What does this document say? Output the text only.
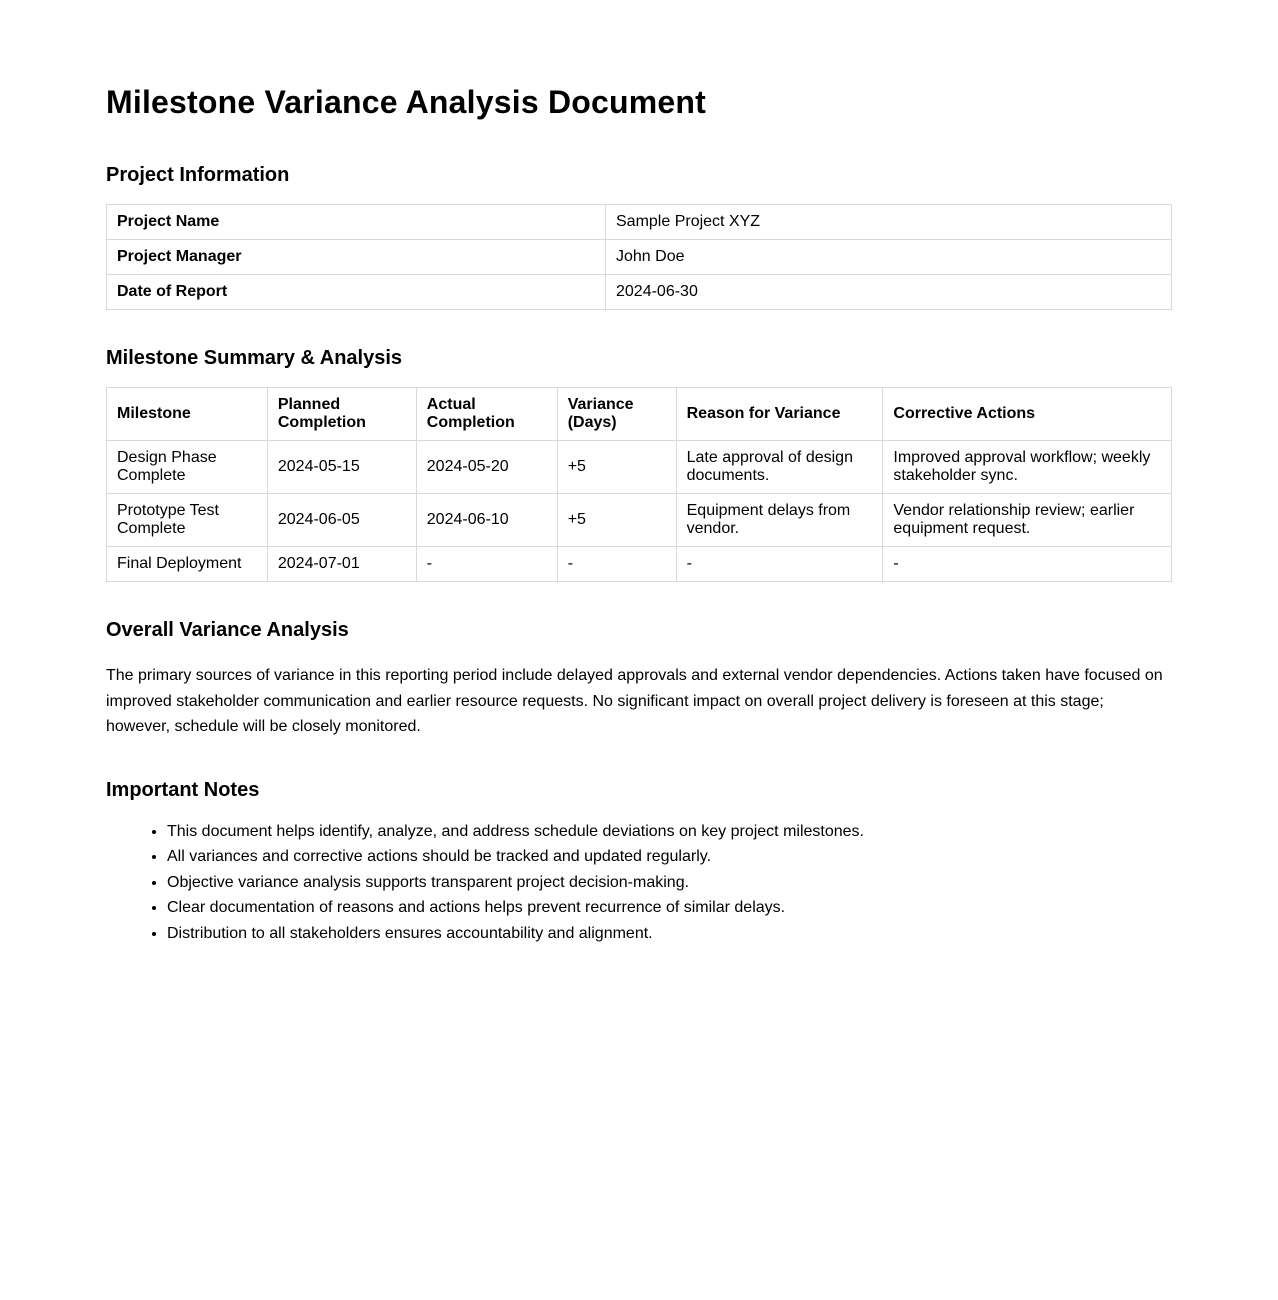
Milestone Variance Analysis Document
Project Information
Project Name	Sample Project XYZ
Project Manager	John Doe
Date of Report	2024-06-30
Milestone Summary & Analysis
Milestone	Planned Completion	Actual Completion	Variance (Days)	Reason for Variance	Corrective Actions
Design Phase Complete	2024-05-15	2024-05-20	+5	Late approval of design documents.	Improved approval workflow; weekly stakeholder sync.
Prototype Test Complete	2024-06-05	2024-06-10	+5	Equipment delays from vendor.	Vendor relationship review; earlier equipment request.
Final Deployment	2024-07-01	-	-	-	-
Overall Variance Analysis

The primary sources of variance in this reporting period include delayed approvals and external vendor dependencies. Actions taken have focused on improved stakeholder communication and earlier resource requests. No significant impact on overall project delivery is foreseen at this stage; however, schedule will be closely monitored.

Important Notes
• This document helps identify, analyze, and address schedule deviations on key project milestones.
• All variances and corrective actions should be tracked and updated regularly.
• Objective variance analysis supports transparent project decision-making.
• Clear documentation of reasons and actions helps prevent recurrence of similar delays.
• Distribution to all stakeholders ensures accountability and alignment.
